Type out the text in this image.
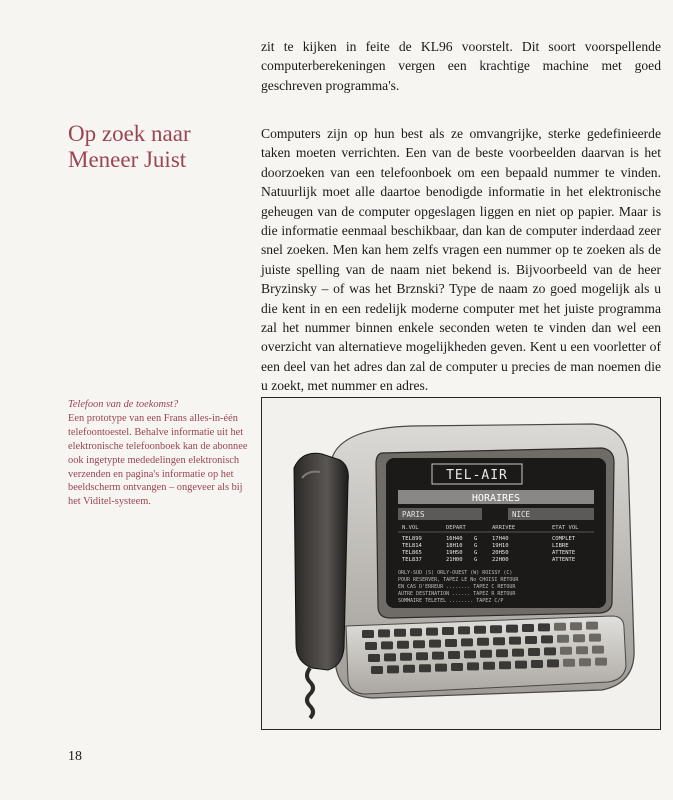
zit te kijken in feite de KL96 voorstelt. Dit soort voorspellende computerberekeningen vergen een krachtige machine met goed geschreven programma's.

Op zoek naar Meneer Juist

Computers zijn op hun best als ze omvangrijke, sterke gedefinieerde taken moeten verrichten. Een van de beste voorbeelden daarvan is het doorzoeken van een telefoonboek om een bepaald nummer te vinden. Natuurlijk moet alle daartoe benodigde informatie in het elektronische geheugen van de computer opgeslagen liggen en niet op papier. Maar is die informatie eenmaal beschikbaar, dan kan de computer inderdaad zeer snel zoeken. Men kan hem zelfs vragen een nummer op te zoeken als de juiste spelling van de naam niet bekend is. Bijvoorbeeld van de heer Bryzinsky – of was het Brznski? Type de naam zo goed mogelijk als u die kent in en een redelijk moderne computer met het juiste programma zal het nummer binnen enkele seconden weten te vinden dan wel een overzicht van alternatieve mogelijkheden geven. Kent u een voorletter of een deel van het adres dan zal de computer u precies de man noemen die u zoekt, met nummer en adres.

Telefoon van de toekomst?
Een prototype van een Frans alles-in-één telefoontoestel. Behalve informatie uit het elektronische telefoonboek kan de abonnee ook ingetypte mededelingen elektronisch verzenden en pagina's informatie op het beeldscherm ontvangen – ongeveer als bij het Viditel-systeem.

TEL-AIR
HORAIRES
PARIS	NICE
N.VOL	DEPART	ARRIVEE	ETAT VOL
TEL899	16H40 G	17H40	COMPLET
TEL814	18H10 G	19H10	LIBRE
TEL865	19H50 G	20H50	ATTENTE
TEL837	21H00 G	22H00	ATTENTE
ORLY-SUD (S) ORLY-OUEST (W) ROISSY (C)
POUR RESERVER, TAPEZ LE No CHOISI RETOUR
EN CAS D'ERREUR ........ TAPEZ C RETOUR
AUTRE DESTINATION ...... TAPEZ R RETOUR
SOMMAIRE TELETEL ........ TAPEZ C/P

18
